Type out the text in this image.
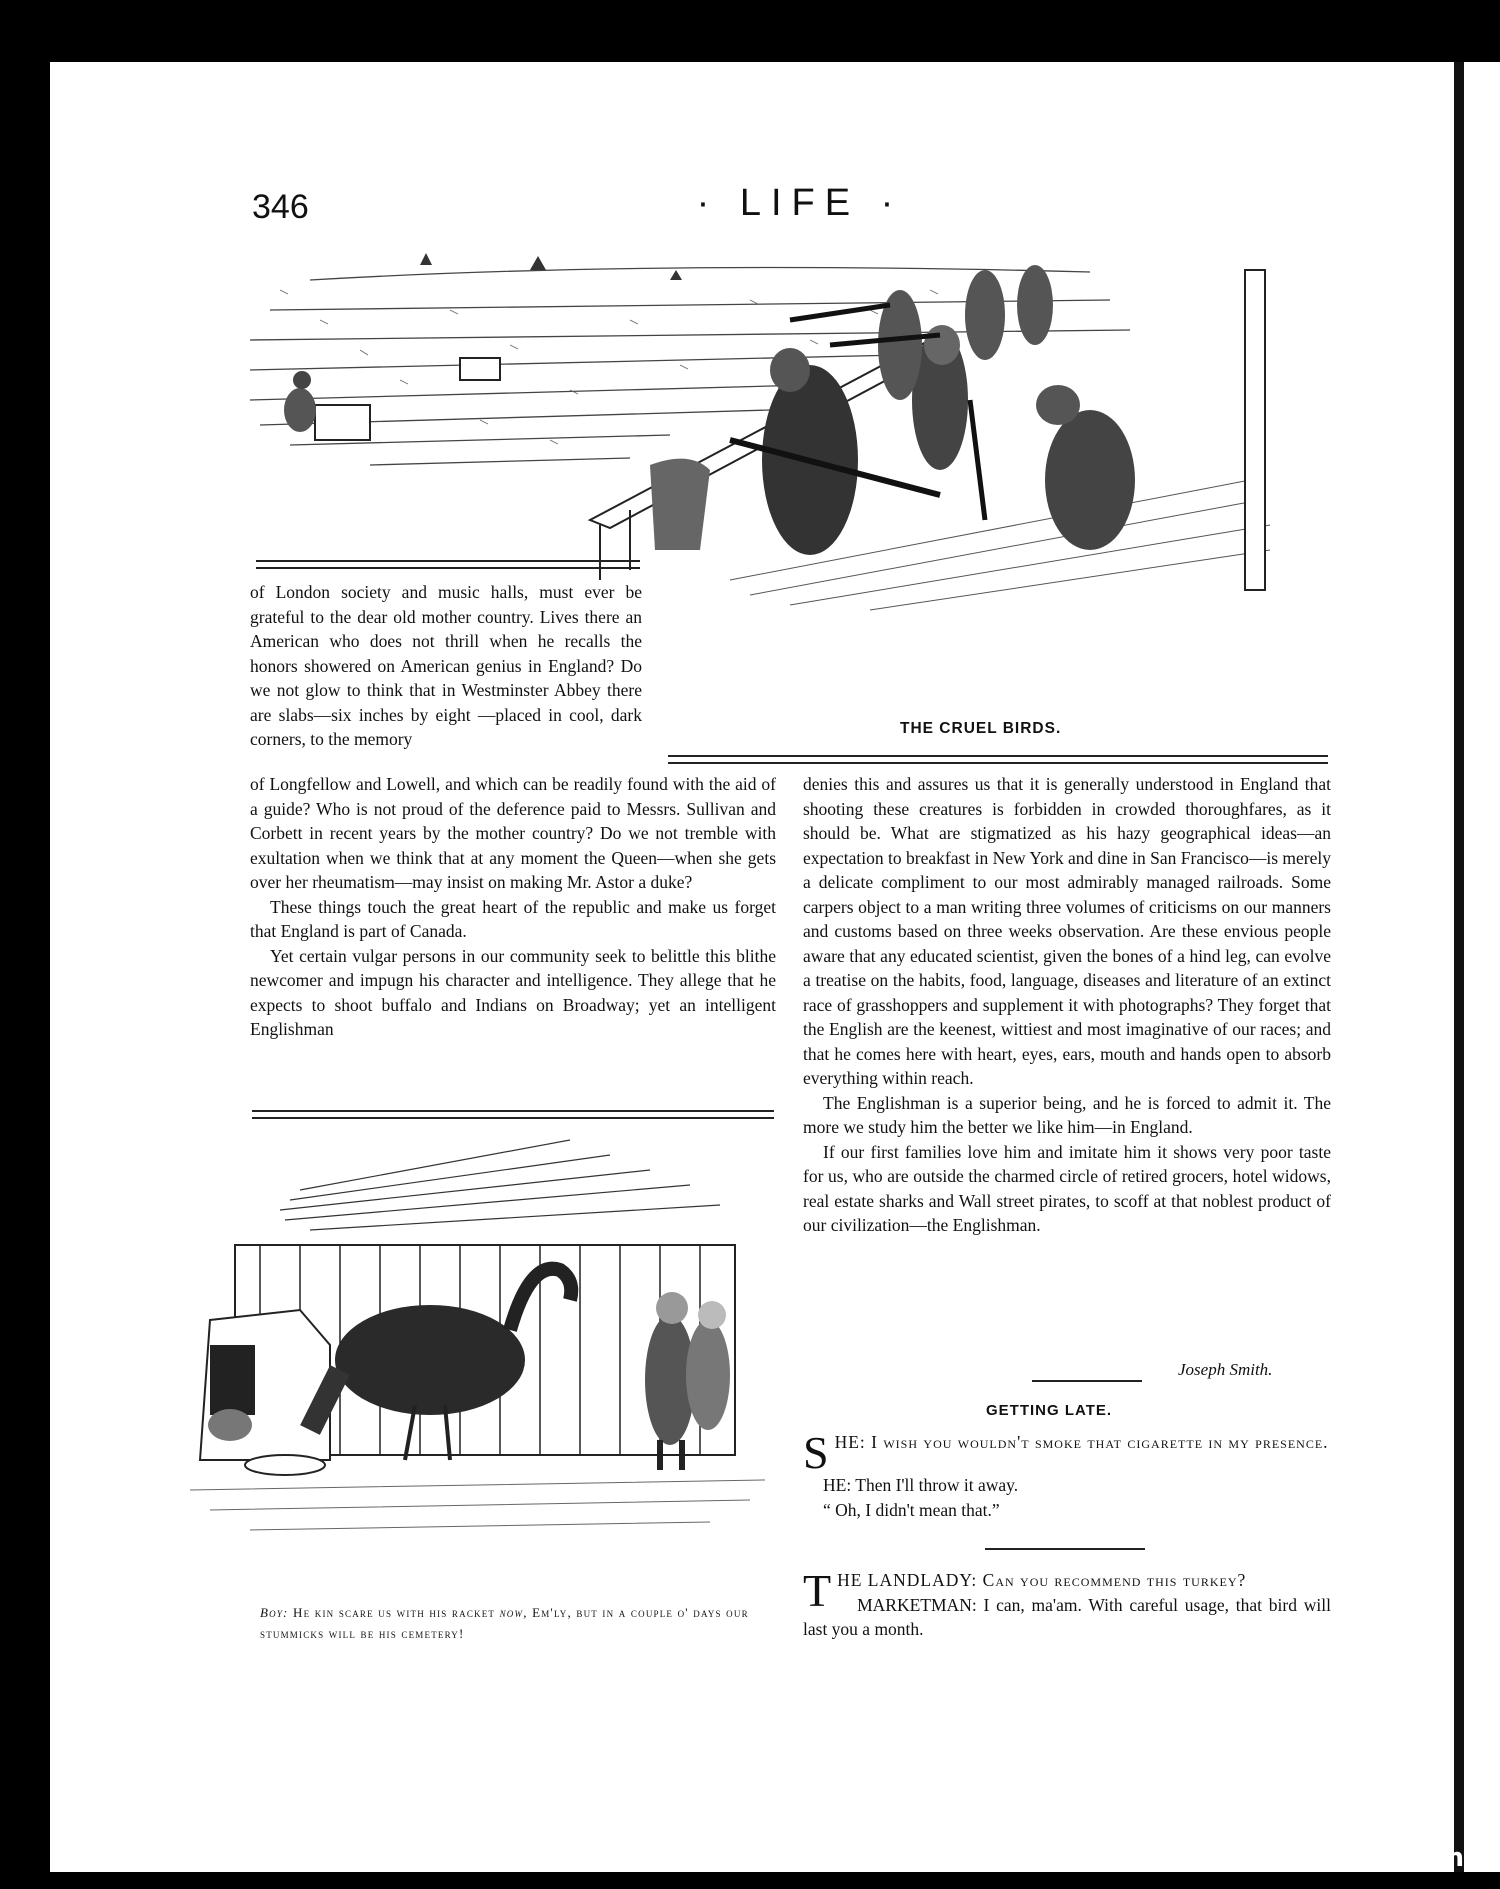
346	· LIFE ·

of London society and music halls, must ever be grateful to the dear old mother country. Lives there an American who does not thrill when he recalls the honors showered on American genius in England? Do we not glow to think that in Westminster Abbey there are slabs—six inches by eight —placed in cool, dark corners, to the memory

THE CRUEL BIRDS.

of Longfellow and Lowell, and which can be readily found with the aid of a guide? Who is not proud of the deference paid to Messrs. Sullivan and Corbett in recent years by the mother country? Do we not tremble with exultation when we think that at any moment the Queen—when she gets over her rheumatism—may insist on making Mr. Astor a duke?

These things touch the great heart of the republic and make us forget that England is part of Canada.

Yet certain vulgar persons in our community seek to belittle this blithe newcomer and impugn his character and intelligence. They allege that he expects to shoot buffalo and Indians on Broadway; yet an intelligent Englishman

denies this and assures us that it is generally understood in England that shooting these creatures is forbidden in crowded thoroughfares, as it should be. What are stigmatized as his hazy geographical ideas—an expectation to breakfast in New York and dine in San Francisco—is merely a delicate compliment to our most admirably managed railroads. Some carpers object to a man writing three volumes of criticisms on our manners and customs based on three weeks observation. Are these envious people aware that any educated scientist, given the bones of a hind leg, can evolve a treatise on the habits, food, language, diseases and literature of an extinct race of grasshoppers and supplement it with photographs? They forget that the English are the keenest, wittiest and most imaginative of our races; and that he comes here with heart, eyes, ears, mouth and hands open to absorb everything within reach.

The Englishman is a superior being, and he is forced to admit it. The more we study him the better we like him—in England.

If our first families love him and imitate him it shows very poor taste for us, who are outside the charmed circle of retired grocers, hotel widows, real estate sharks and Wall street pirates, to scoff at that noblest product of our civilization—the Englishman.

Joseph Smith.
Boy: He kin scare us with his racket now, Em'ly, but in a couple o' days our stummicks will be his cemetery!
GETTING LATE.

SHE: I wish you wouldn't smoke that cigarette in my presence.

HE: Then I'll throw it away.

“ Oh, I didn't mean that.”

THE LANDLADY: Can you recommend this turkey?

MARKETMAN: I can, ma'am. With careful usage, that bird will last you a month.

comicbooks.com
